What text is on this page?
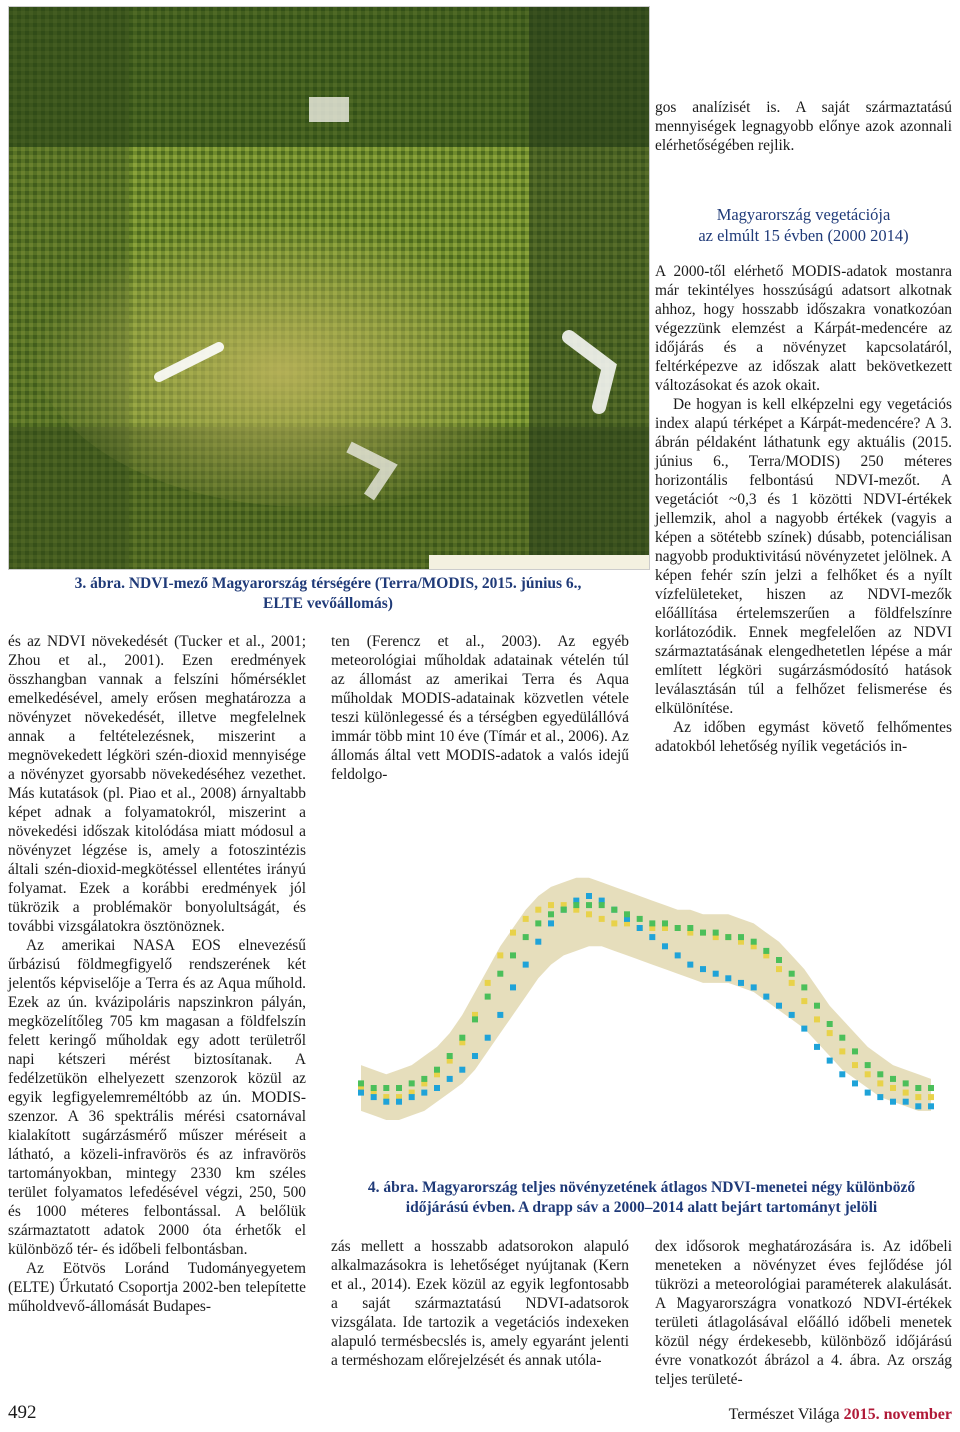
3. ábra. NDVI-mező Magyarország térségére (Terra/MODIS, 2015. június 6.,
ELTE vevőállomás)

és az NDVI növekedését (Tucker et al., 2001; Zhou et al., 2001). Ezen eredmények összhangban vannak a felszíni hőmérséklet emelkedésével, amely erősen meghatározza a növényzet növekedését, illetve megfelelnek annak a feltételezésnek, miszerint a megnövekedett légköri szén-dioxid mennyisége a növényzet gyorsabb növekedéséhez vezethet. Más kutatások (pl. Piao et al., 2008) árnyaltabb képet adnak a folyamatokról, miszerint a növekedési időszak kitolódása miatt módosul a növényzet légzése is, amely a fotoszintézis általi szén-dioxid-megkötéssel ellentétes irányú folyamat. Ezek a korábbi eredmények jól tükrözik a problémakör bonyolultságát, és további vizsgálatokra ösztönöznek.

Az amerikai NASA EOS elnevezésű űrbázisú földmegfigyelő rendszerének két jelentős képviselője a Terra és az Aqua műhold. Ezek az ún. kvázipoláris napszinkron pályán, megközelítőleg 705 km magasan a földfelszín felett keringő műholdak egy adott területről napi kétszeri mérést biztosítanak. A fedélzetükön elhelyezett szenzorok közül az egyik legfigyelemreméltóbb az ún. MODIS-szenzor. A 36 spektrális mérési csatornával kialakított sugárzásmérő műszer méréseit a látható, a közeli-infravörös és az infravörös tartományokban, mintegy 2330 km széles terület folyamatos lefedésével végzi, 250, 500 és 1000 méteres felbontással. A belőlük származtatott adatok 2000 óta érhetők el különböző tér- és időbeli felbontásban.

Az Eötvös Loránd Tudományegyetem (ELTE) Űrkutató Csoportja 2002-ben telepítette műholdvevő-állomását Budapes-

ten (Ferencz et al., 2003). Az egyéb meteorológiai műholdak adatainak vételén túl az állomást az amerikai Terra és Aqua műholdak MODIS-adatainak közvetlen vétele teszi különlegessé és a térségben egyedülállóvá immár több mint 10 éve (Tímár et al., 2006). Az állomás által vett MODIS-adatok a valós idejű feldolgo-

gos analízisét is. A saját származtatású mennyiségek legnagyobb előnye azok azonnali elérhetőségében rejlik.

Magyarország vegetációja
az elmúlt 15 évben (2000 2014)

A 2000-től elérhető MODIS-adatok mostanra már tekintélyes hosszúságú adatsort alkotnak ahhoz, hogy hosszabb időszakra vonatkozóan végezzünk elemzést a Kárpát-medencére az időjárás és a növényzet kapcsolatáról, feltérképezve az időszak alatt bekövetkezett változásokat és azok okait.

De hogyan is kell elképzelni egy vegetációs index alapú térképet a Kárpát-medencére? A 3. ábrán példaként láthatunk egy aktuális (2015. június 6., Terra/MODIS) 250 méteres horizontális felbontású NDVI-mezőt. A vegetációt ~0,3 és 1 közötti NDVI-értékek jellemzik, ahol a nagyobb értékek (vagyis a képen a sötétebb színek) dúsabb, potenciálisan nagyobb produktivitású növényzetet jelölnek. A képen fehér szín jelzi a felhőket és a nyílt vízfelületeket, hiszen az NDVI-mezők előállítása értelemszerűen a földfelszínre korlátozódik. Ennek megfelelően az NDVI származtatásának elengedhetetlen lépése a már említett légköri sugárzásmódosító hatások leválasztásán túl a felhőzet felismerése és elkülönítése.

Az időben egymást követő felhőmentes adatokból lehetőség nyílik vegetációs in-

4. ábra. Magyarország teljes növényzetének átlagos NDVI-menetei négy különböző
időjárású évben. A drapp sáv a 2000–2014 alatt bejárt tartományt jelöli

zás mellett a hosszabb adatsorokon alapuló alkalmazásokra is lehetőséget nyújtanak (Kern et al., 2014). Ezek közül az egyik legfontosabb a saját származtatású NDVI-adatsorok vizsgálata. Ide tartozik a vegetációs indexeken alapuló termésbecslés is, amely egyaránt jelenti a terméshozam előrejelzését és annak utóla-

dex idősorok meghatározására is. Az időbeli meneteken a növényzet éves fejlődése jól tükrözi a meteorológiai paraméterek alakulását. A Magyarországra vonatkozó NDVI-értékek területi átlagolásával előálló időbeli menetek közül négy érdekesebb, különböző időjárású évre vonatkozót ábrázol a 4. ábra. Az ország teljes területé-

492	Természet Világa 2015. november
